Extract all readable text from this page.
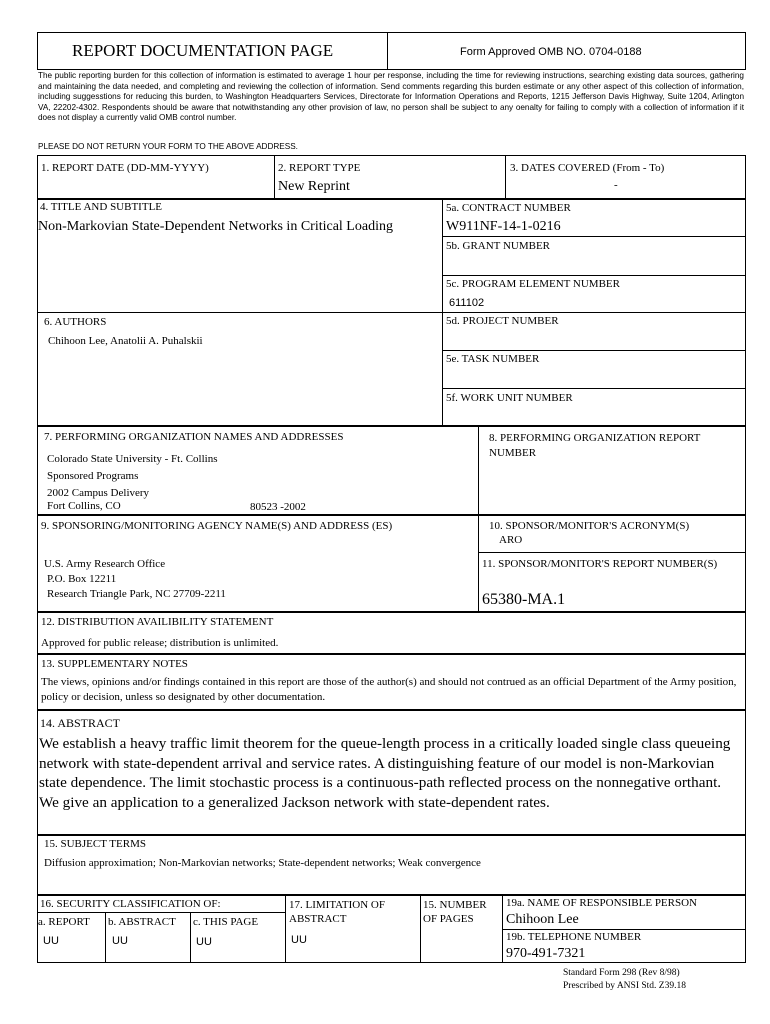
REPORT DOCUMENTATION PAGE	Form Approved OMB NO. 0704-0188
The public reporting burden for this collection of information is estimated to average 1 hour per response, including the time for reviewing instructions, searching existing data sources, gathering and maintaining the data needed, and completing and reviewing the collection of information. Send comments regarding this burden estimate or any other aspect of this collection of information, including suggesstions for reducing this burden, to Washington Headquarters Services, Directorate for Information Operations and Reports, 1215 Jefferson Davis Highway, Suite 1204, Arlington VA, 22202-4302. Respondents should be aware that notwithstanding any other provision of law, no person shall be subject to any oenalty for failing to comply with a collection of information if it does not display a currently valid OMB control number.
PLEASE DO NOT RETURN YOUR FORM TO THE ABOVE ADDRESS.
1. REPORT DATE (DD-MM-YYYY)	2. REPORT TYPE
New Reprint
3. DATES COVERED (From - To)
-
4. TITLE AND SUBTITLE
Non-Markovian State-Dependent Networks in Critical Loading
5a. CONTRACT NUMBER
W911NF-14-1-0216
5b. GRANT NUMBER
5c. PROGRAM ELEMENT NUMBER
611102
6. AUTHORS
Chihoon Lee, Anatolii A. Puhalskii
5d. PROJECT NUMBER
5e. TASK NUMBER
5f. WORK UNIT NUMBER
7. PERFORMING ORGANIZATION NAMES AND ADDRESSES
Colorado State University - Ft. Collins
Sponsored Programs
2002 Campus Delivery
Fort Collins, CO	80523 -2002
8. PERFORMING ORGANIZATION REPORT NUMBER
9. SPONSORING/MONITORING AGENCY NAME(S) AND ADDRESS (ES)
U.S. Army Research Office
P.O. Box 12211
Research Triangle Park, NC 27709-2211
10. SPONSOR/MONITOR'S ACRONYM(S)
ARO
11. SPONSOR/MONITOR'S REPORT NUMBER(S)
65380-MA.1
12. DISTRIBUTION AVAILIBILITY STATEMENT
Approved for public release; distribution is unlimited.
13. SUPPLEMENTARY NOTES
The views, opinions and/or findings contained in this report are those of the author(s) and should not contrued as an official Department of the Army position, policy or decision, unless so designated by other documentation.
14. ABSTRACT
We establish a heavy traffic limit theorem for the queue-length process in a critically loaded single class queueing network with state-dependent arrival and service rates. A distinguishing feature of our model is non-Markovian state dependence. The limit stochastic process is a continuous-path reflected process on the nonnegative orthant. We give an application to a generalized Jackson network with state-dependent rates.
15. SUBJECT TERMS
Diffusion approximation; Non-Markovian networks; State-dependent networks; Weak convergence
16. SECURITY CLASSIFICATION OF:
a. REPORT
UU
b. ABSTRACT
UU
c. THIS PAGE
UU
17. LIMITATION OF ABSTRACT
UU
15. NUMBER OF PAGES
19a. NAME OF RESPONSIBLE PERSON
Chihoon Lee
19b. TELEPHONE NUMBER
970-491-7321
Standard Form 298 (Rev 8/98)
Prescribed by ANSI Std. Z39.18
